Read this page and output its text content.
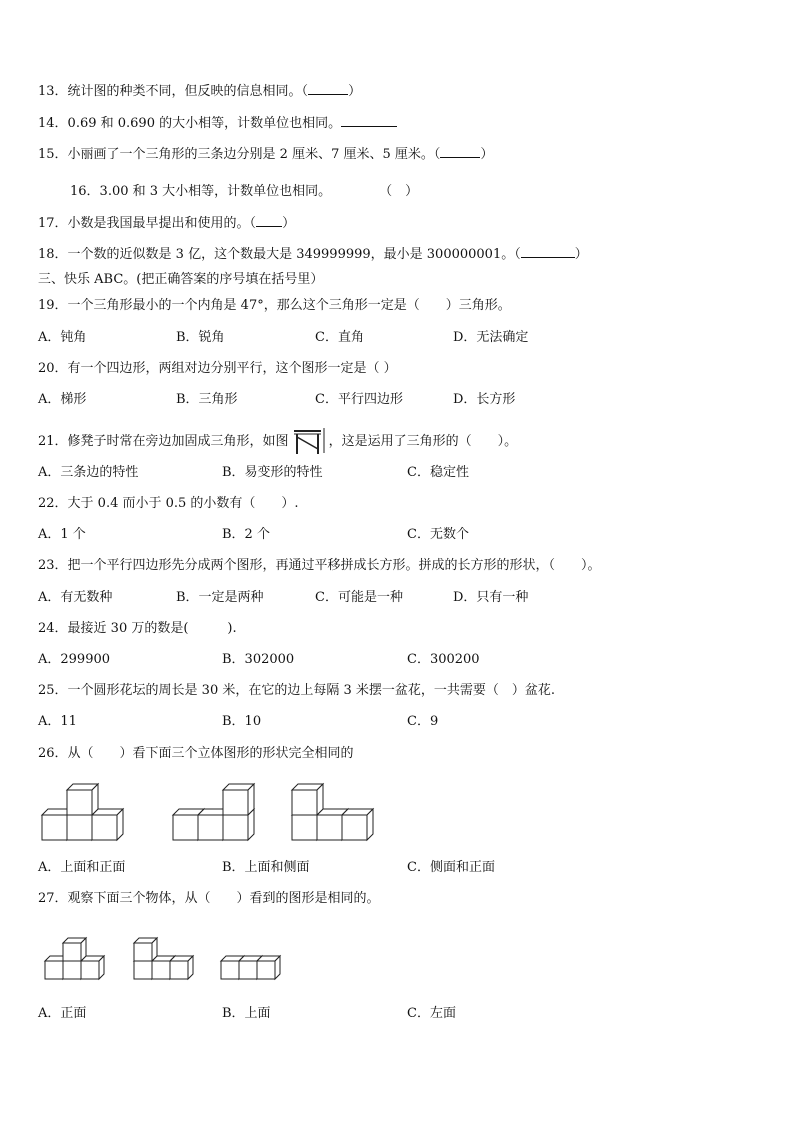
13．统计图的种类不同，但反映的信息相同。（	）
14．0.69 和 0.690 的大小相等，计数单位也相同。
15．小丽画了一个三角形的三条边分别是 2 厘米、7 厘米、5 厘米。（	）
16．3.00 和 3 大小相等，计数单位也相同。	（　）
17．小数是我国最早提出和使用的。（ ）
18．一个数的近似数是 3 亿，这个数最大是 349999999，最小是 300000001。（	）
三、快乐 ABC。(把正确答案的序号填在括号里）
19．一个三角形最小的一个内角是 47°，那么这个三角形一定是（　　）三角形。
A．钝角	B．锐角	C．直角	D．无法确定
20．有一个四边形，两组对边分别平行，这个图形一定是（ ）
A．梯形	B．三角形	C．平行四边形	D．长方形
21．修凳子时常在旁边加固成三角形，如图	，这是运用了三角形的（　　）。
A．三条边的特性	B．易变形的特性	C．稳定性
22．大于 0.4 而小于 0.5 的小数有（　　）.
A．1 个	B．2 个	C．无数个
23．把一个平行四边形先分成两个图形，再通过平移拼成长方形。拼成的长方形的形状，（　　）。
A．有无数种	B．一定是两种	C．可能是一种	D．只有一种
24．最接近 30 万的数是(　　　).
A．299900	B．302000	C．300200
25．一个圆形花坛的周长是 30 米，在它的边上每隔 3 米摆一盆花，一共需要（　）盆花.
A．11	B．10	C．9
26．从（　　）看下面三个立体图形的形状完全相同的
A．上面和正面	B．上面和侧面	C．侧面和正面
27．观察下面三个物体，从（　　）看到的图形是相同的。
A．正面	B．上面	C．左面
